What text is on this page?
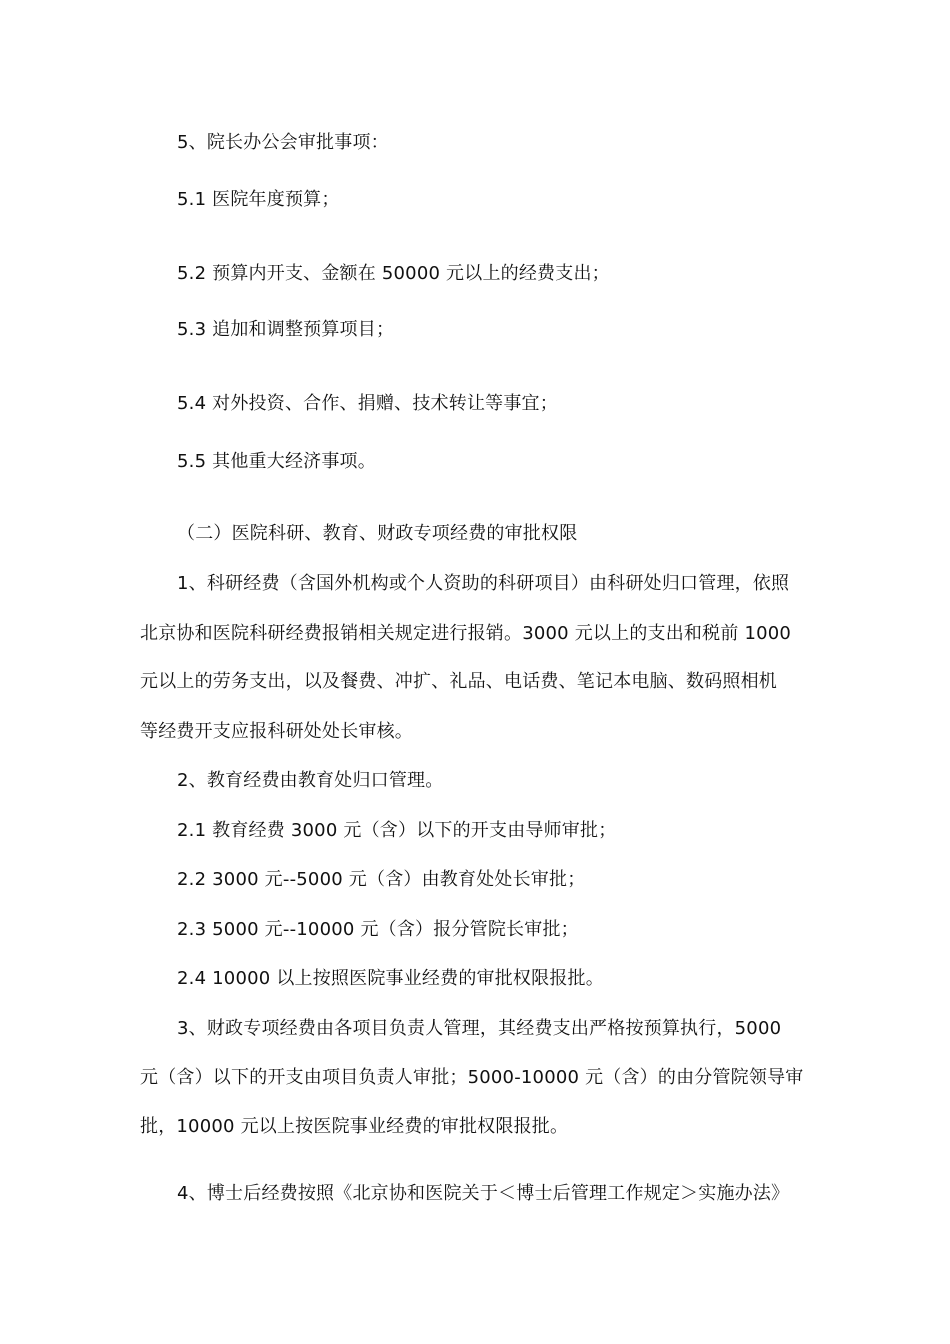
5、院长办公会审批事项：
5.1 医院年度预算；
5.2 预算内开支、金额在 50000 元以上的经费支出；
5.3 追加和调整预算项目；
5.4 对外投资、合作、捐赠、技术转让等事宜；
5.5 其他重大经济事项。
（二）医院科研、教育、财政专项经费的审批权限
1、科研经费（含国外机构或个人资助的科研项目）由科研处归口管理，依照
北京协和医院科研经费报销相关规定进行报销。3000 元以上的支出和税前 1000
元以上的劳务支出，以及餐费、冲扩、礼品、电话费、笔记本电脑、数码照相机
等经费开支应报科研处处长审核。
2、教育经费由教育处归口管理。
2.1 教育经费 3000 元（含）以下的开支由导师审批；
2.2 3000 元--5000 元（含）由教育处处长审批；
2.3 5000 元--10000 元（含）报分管院长审批；
2.4 10000 以上按照医院事业经费的审批权限报批。
3、财政专项经费由各项目负责人管理，其经费支出严格按预算执行，5000
元（含）以下的开支由项目负责人审批；5000-10000 元（含）的由分管院领导审
批，10000 元以上按医院事业经费的审批权限报批。
4、博士后经费按照《北京协和医院关于＜博士后管理工作规定＞实施办法》
